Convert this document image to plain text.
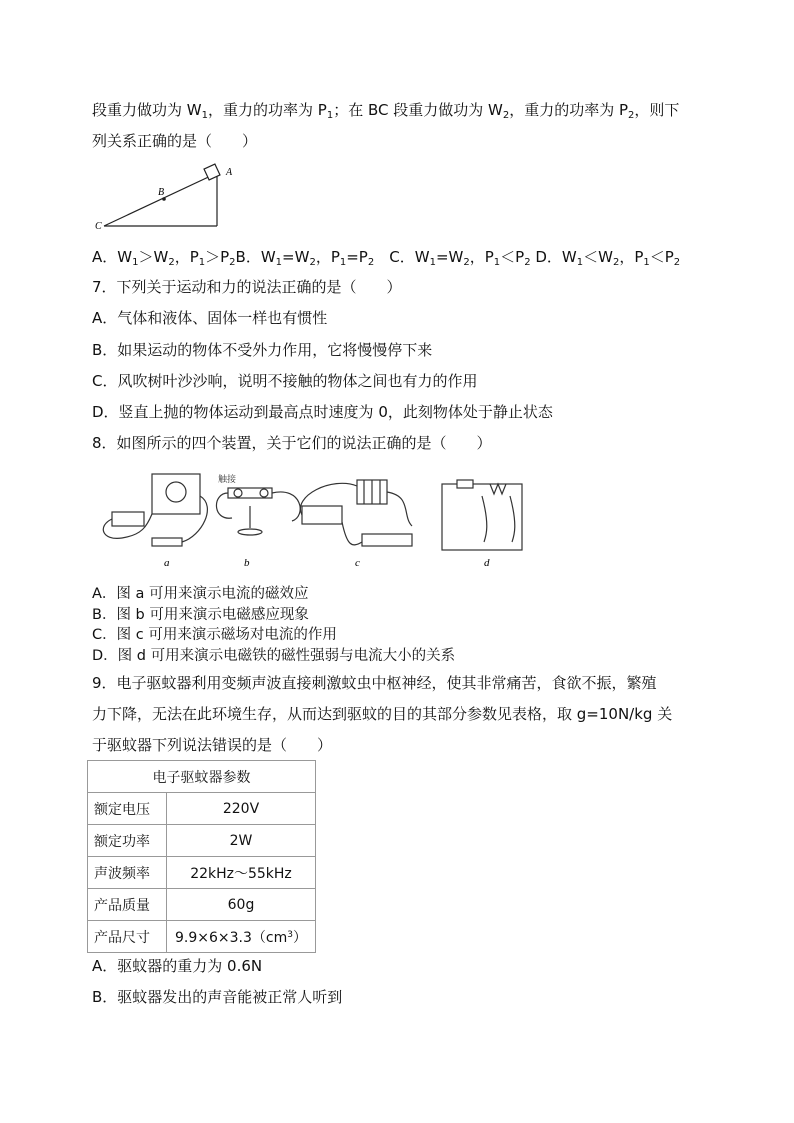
段重力做功为 $W_1$，重力的功率为 $P_1$；在 BC 段重力做功为 $W_2$，重力的功率为 $P_2$，则下
列关系正确的是（　　）
B
A
C
A．$W_1>W_2$，$P_1>P_2B$．$W_1=W_2$，$P_1=P_2$　 C．$W_1=W_2$，$P_1<P_2$ D．$W_1<W_2$，$P_1<P_2$
7．下列关于运动和力的说法正确的是（　　）
A．气体和液体、固体一样也有惯性
B．如果运动的物体不受外力作用，它将慢慢停下来
C．风吹树叶沙沙响，说明不接触的物体之间也有力的作用
D．竖直上抛的物体运动到最高点时速度为 0，此刻物体处于静止状态
8．如图所示的四个装置，关于它们的说法正确的是（　　）
a	b	c	d
触接
A．图 a 可用来演示电流的磁效应
B．图 b 可用来演示电磁感应现象
C．图 c 可用来演示磁场对电流的作用
D．图 d 可用来演示电磁铁的磁性强弱与电流大小的关系
9．电子驱蚊器利用变频声波直接刺激蚊虫中枢神经，使其非常痛苦，食欲不振，繁殖
力下降，无法在此环境生存，从而达到驱蚊的目的其部分参数见表格，取 g=10N/kg 关
于驱蚊器下列说法错误的是（　　）
电子驱蚊器参数	
额定电压	220V
额定功率	2W
声波频率	22kHz～55kHz
产品质量	60g
产品尺寸	$9.9\times 6\times 3.3(cm^3)$
A．驱蚊器的重力为 0.6N
B．驱蚊器发出的声音能被正常人听到
